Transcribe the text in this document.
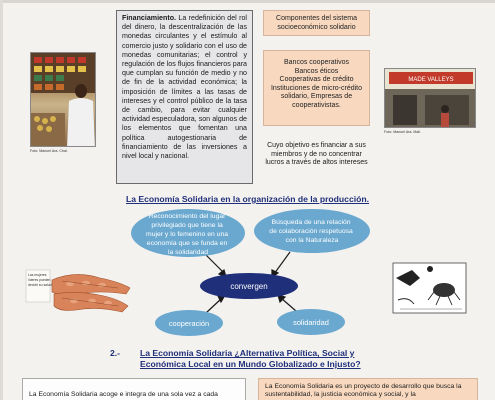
Foto: Manuel Ara. Chal.
Financiamiento. La redefinición del rol del dinero, la descentralización de las monedas circulantes y el estímulo al comercio justo y solidario con el uso de monedas comunitarias; el control y regulación de los flujos financieros para que cumplan su función de medio y no de fin de la actividad económica; la imposición de límites a las tasas de intereses y el control público de la tasa de cambio, para evitar cualquier actividad especuladora, son algunos de los elementos que fomentan una política autogestionaria de financiamiento de las inversiones a nivel local y nacional.
Componentes del sistema socioeconómico solidario
Bancos cooperativos
Bancos éticos
Cooperativas de crédito
Instituciones de micro-crédito
solidario, Empresas de
cooperativistas.
Cuyo objetivo es financiar a sus miembros y de no concentrar lucros a través de altos intereses
MADE VALLEYS
Foto: Manuel Ara. Mali.
La Economía Solidaria en la organización de la producción.
Reconocimiento del lugar privilegiado que tiene la mujer y lo femenino en una economía que se funda en la solidaridad
Búsqueda de una relación de colaboración respetuosa con la Naturaleza
convergen
cooperación	solidaridad
Las mujeres líderes pueden decidir su salud
2.- La Economía Solidaria ¿Alternativa Política, Social y
Económica Local en un Mundo Globalizado e Injusto?
La Economía Solidaria acoge e integra de una sola vez a cada
La Economía Solidaria es un proyecto de desarrollo que busca la sustentabilidad, la justicia económica y social, y la
